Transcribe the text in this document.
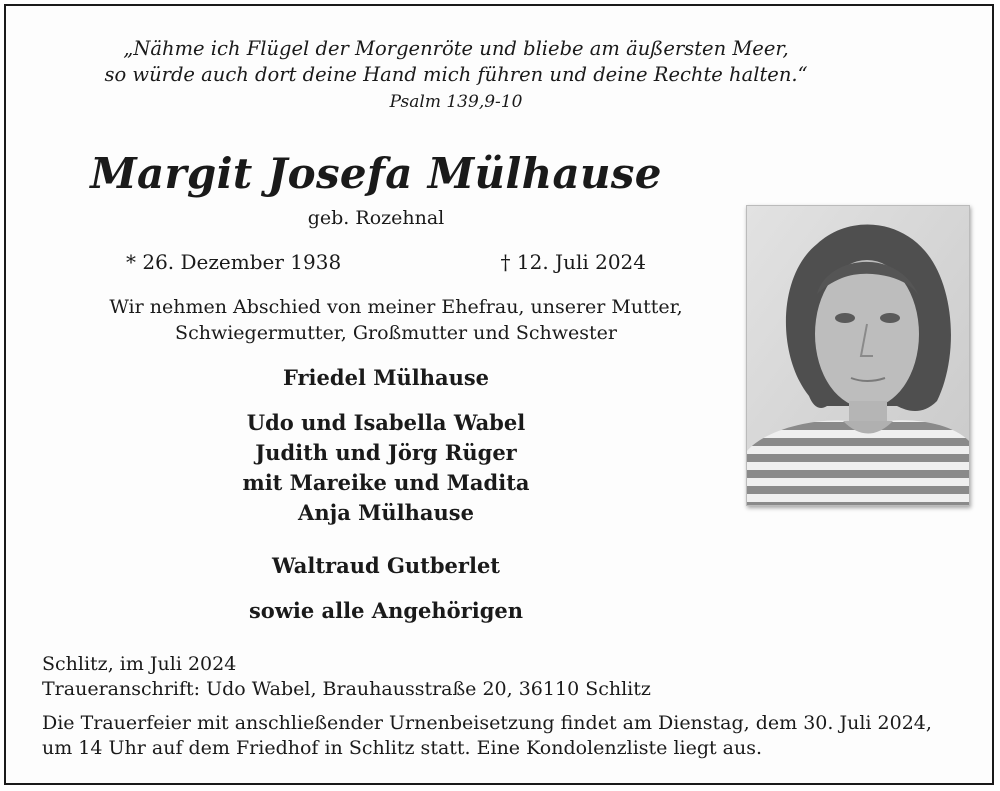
„Nähme ich Flügel der Morgenröte und bliebe am äußersten Meer,
so würde auch dort deine Hand mich führen und deine Rechte halten.“
Psalm 139,9-10
Margit Josefa Mülhause
geb. Rozehnal
* 26. Dezember 1938	† 12. Juli 2024
Wir nehmen Abschied von meiner Ehefrau, unserer Mutter,
Schwiegermutter, Großmutter und Schwester
Friedel Mülhause
Udo und Isabella Wabel
Judith und Jörg Rüger
mit Mareike und Madita
Anja Mülhause
Waltraud Gutberlet
sowie alle Angehörigen
Schlitz, im Juli 2024
Traueranschrift: Udo Wabel, Brauhausstraße 20, 36110 Schlitz
Die Trauerfeier mit anschließender Urnenbeisetzung findet am Dienstag, dem 30. Juli 2024,
um 14 Uhr auf dem Friedhof in Schlitz statt. Eine Kondolenzliste liegt aus.
